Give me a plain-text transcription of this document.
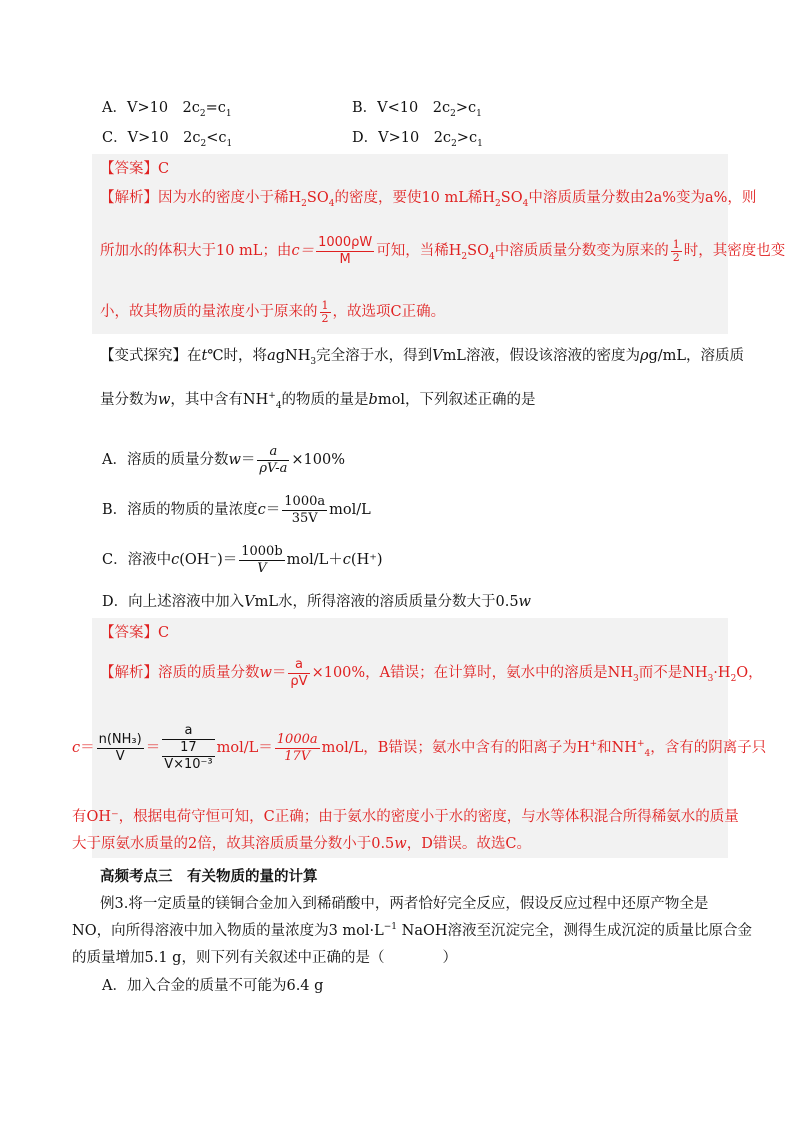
A．V>10　$2c_2=c_1$	B．V<10　$2c_2>c_1$
C．V>10　$2c_2<c_1$	D．V>10　$2c_2>c_1$
【答案】C
【解析】因为水的密度小于稀$H_2SO_4$的密度，要使10 mL稀$H_2SO_4$中溶质质量分数由2a%变为a%，则
所加水的体积大于10 mL；由$c= \frac{1000\rho W}{M}$ 可知，当稀$H_2SO_4$中溶质质量分数变为原来的 $\frac{1}{2}$ 时，其密度也变
小，故其物质的量浓度小于原来的 $\frac{1}{2}$ ，故选项C正确。
【变式探究】在t℃时，将agNH$_3$完全溶于水，得到VmL溶液，假设该溶液的密度为ρg/mL，溶质质
量分数为w，其中含有$NH^+_4$的物质的量是bmol，下列叙述正确的是
A．溶质的质量分数$w= \frac{a}{\rho V-a} \times 100\%$
B．溶质的物质的量浓度$c= \frac{1000a}{35V} mol/L$
C．溶液中$c(OH^-)= \frac{1000b}{V} mol/L+c(H^+)$
D．向上述溶液中加入VmL水，所得溶液的溶质质量分数大于0.5w
【答案】C
【解析】溶质的质量分数$w= \frac{a}{\rho V} \times 100\%$，A错误；在计算时，氨水中的溶质是$NH_3$而不是$NH_3\cdot H_2O$，
$c= \frac{\text{n(NH₃)}}{V}$ ＝
a
17
V×10⁻³
$mol/L= \frac{1000a}{17V} mol/L$，B错误；氨水中含有的阳离子为H+和$NH^+_4$，含有的阴离子只
有OH⁻，根据电荷守恒可知，C正确；由于氨水的密度小于水的密度，与水等体积混合所得稀氨水的质量
大于原氨水质量的2倍，故其溶质质量分数小于0.5w，D错误。故选C。
高频考点三　有关物质的量的计算
例3.将一定质量的镁铜合金加入到稀硝酸中，两者恰好完全反应，假设反应过程中还原产物全是
NO，向所得溶液中加入物质的量浓度为3 $mol\cdot L^{-1}$ NaOH溶液至沉淀完全，测得生成沉淀的质量比原合金
的质量增加5.1 g，则下列有关叙述中正确的是（　　　　）
A．加入合金的质量不可能为6.4 g
